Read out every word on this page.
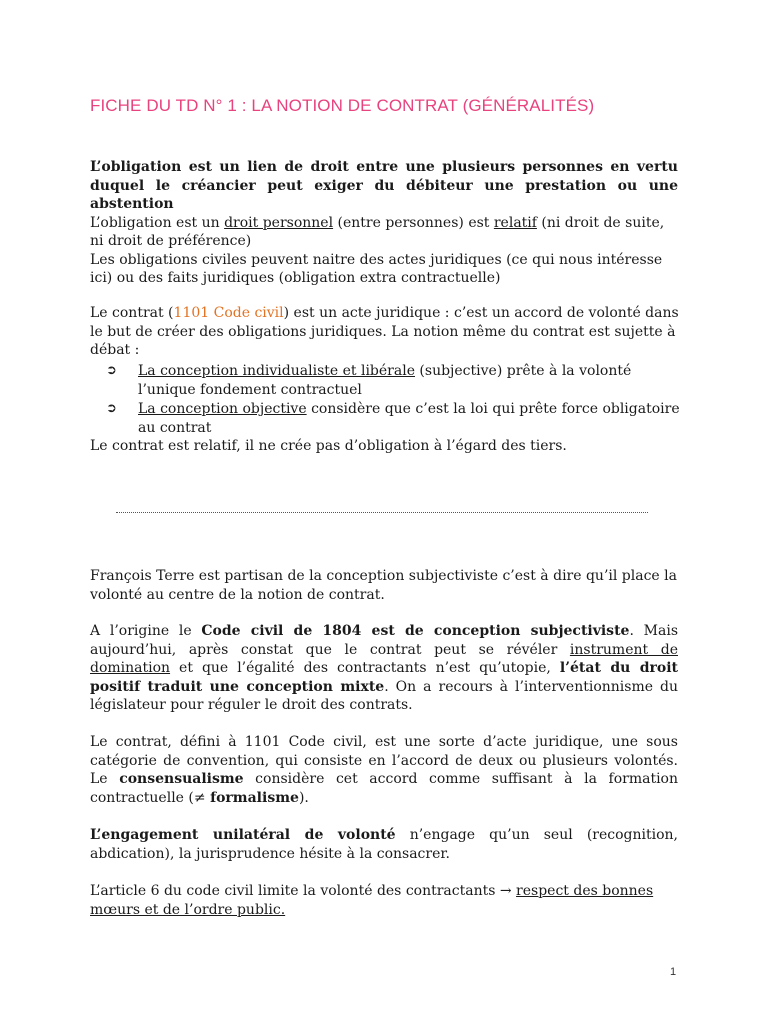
FICHE DU TD N° 1 : LA NOTION DE CONTRAT (GÉNÉRALITÉS)
L’obligation est un lien de droit entre une plusieurs personnes en vertu
duquel le créancier peut exiger du débiteur une prestation ou une
abstention
L’obligation est un droit personnel (entre personnes) est relatif (ni droit de suite,
ni droit de préférence)
Les obligations civiles peuvent naitre des actes juridiques (ce qui nous intéresse
ici) ou des faits juridiques (obligation extra contractuelle)
Le contrat (1101 Code civil) est un acte juridique : c’est un accord de volonté dans
le but de créer des obligations juridiques. La notion même du contrat est sujette à
débat :
➲ La conception individualiste et libérale (subjective) prête à la volonté
l’unique fondement contractuel
➲ La conception objective considère que c’est la loi qui prête force obligatoire
au contrat
Le contrat est relatif, il ne crée pas d’obligation à l’égard des tiers.
François Terre est partisan de la conception subjectiviste c’est à dire qu’il place la
volonté au centre de la notion de contrat.
A l’origine le Code civil de 1804 est de conception subjectiviste. Mais
aujourd’hui, après constat que le contrat peut se révéler instrument de
domination et que l’égalité des contractants n’est qu’utopie, l’état du droit
positif traduit une conception mixte. On a recours à l’interventionnisme du
législateur pour réguler le droit des contrats.
Le contrat, défini à 1101 Code civil, est une sorte d’acte juridique, une sous
catégorie de convention, qui consiste en l’accord de deux ou plusieurs volontés.
Le consensualisme considère cet accord comme suffisant à la formation
contractuelle (≠ formalisme).
L’engagement unilatéral de volonté n’engage qu’un seul (recognition,
abdication), la jurisprudence hésite à la consacrer.
L’article 6 du code civil limite la volonté des contractants → respect des bonnes
mœurs et de l’ordre public.
1
